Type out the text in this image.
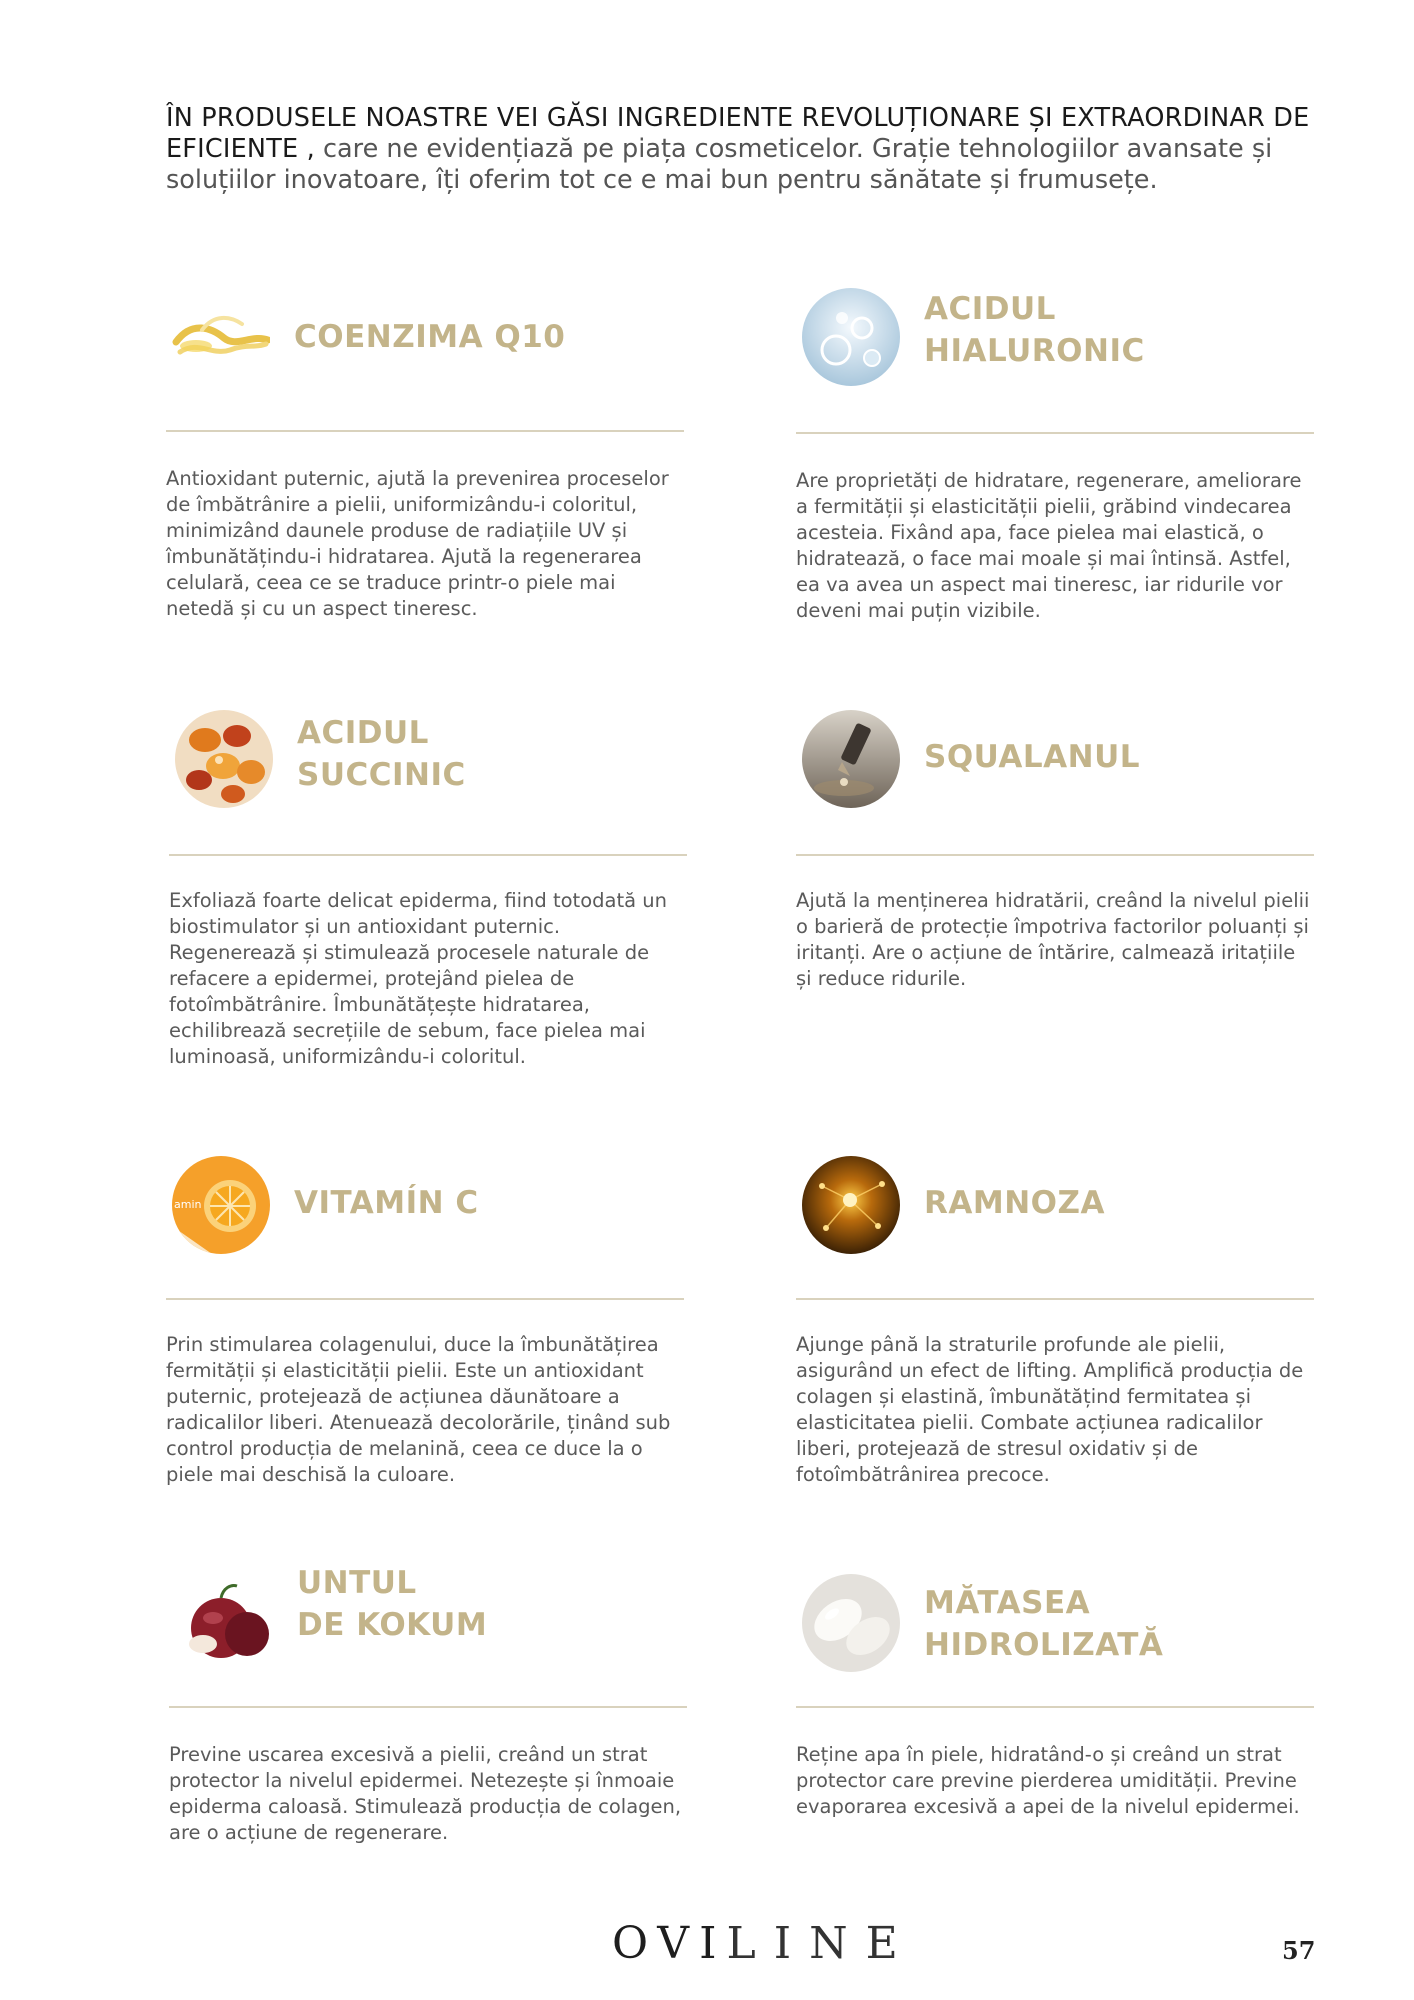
ÎN PRODUSELE NOASTRE VEI GĂSI INGREDIENTE REVOLUȚIONARE ȘI EXTRAORDINAR DE EFICIENTE , care ne evidențiază pe piața cosmeticelor. Grație tehnologiilor avansate și soluțiilor inovatoare, îți oferim tot ce e mai bun pentru sănătate și frumusețe.
COENZIMA Q10
Antioxidant puternic, ajută la prevenirea proceselor de îmbătrânire a pielii, uniformizându-i coloritul, minimizând daunele produse de radiațiile UV și îmbunătățindu-i hidratarea. Ajută la regenerarea celulară, ceea ce se traduce printr-o piele mai netedă și cu un aspect tineresc.
ACIDUL
HIALURONIC
Are proprietăți de hidratare, regenerare, ameliorare a fermității și elasticității pielii, grăbind vindecarea acesteia. Fixând apa, face pielea mai elastică, o hidratează, o face mai moale și mai întinsă. Astfel, ea va avea un aspect mai tineresc, iar ridurile vor deveni mai puțin vizibile.
ACIDUL
SUCCINIC
Exfoliază foarte delicat epiderma, fiind totodată un biostimulator și un antioxidant puternic. Regenerează și stimulează procesele naturale de refacere a epidermei, protejând pielea de fotoîmbătrânire. Îmbunătățește hidratarea, echilibrează secrețiile de sebum, face pielea mai luminoasă, uniformizându-i coloritul.
SQUALANUL
Ajută la menținerea hidratării, creând la nivelul pielii o barieră de protecție împotriva factorilor poluanți și iritanți. Are o acțiune de întărire, calmează iritațiile și reduce ridurile.
amin	VITAMÍN C
Prin stimularea colagenului, duce la îmbunătățirea fermității și elasticității pielii. Este un antioxidant puternic, protejează de acțiunea dăunătoare a radicalilor liberi. Atenuează decolorările, ținând sub control producția de melanină, ceea ce duce la o piele mai deschisă la culoare.
RAMNOZA
Ajunge până la straturile profunde ale pielii, asigurând un efect de lifting. Amplifică producția de colagen și elastină, îmbunătățind fermitatea și elasticitatea pielii. Combate acțiunea radicalilor liberi, protejează de stresul oxidativ și de fotoîmbătrânirea precoce.
UNTUL
DE KOKUM
Previne uscarea excesivă a pielii, creând un strat protector la nivelul epidermei. Netezește și înmoaie epiderma caloasă. Stimulează producția de colagen, are o acțiune de regenerare.
MĂTASEA
HIDROLIZATĂ
Reține apa în piele, hidratând-o și creând un strat protector care previne pierderea umidității. Previne evaporarea excesivă a apei de la nivelul epidermei.
OVILINE	57
